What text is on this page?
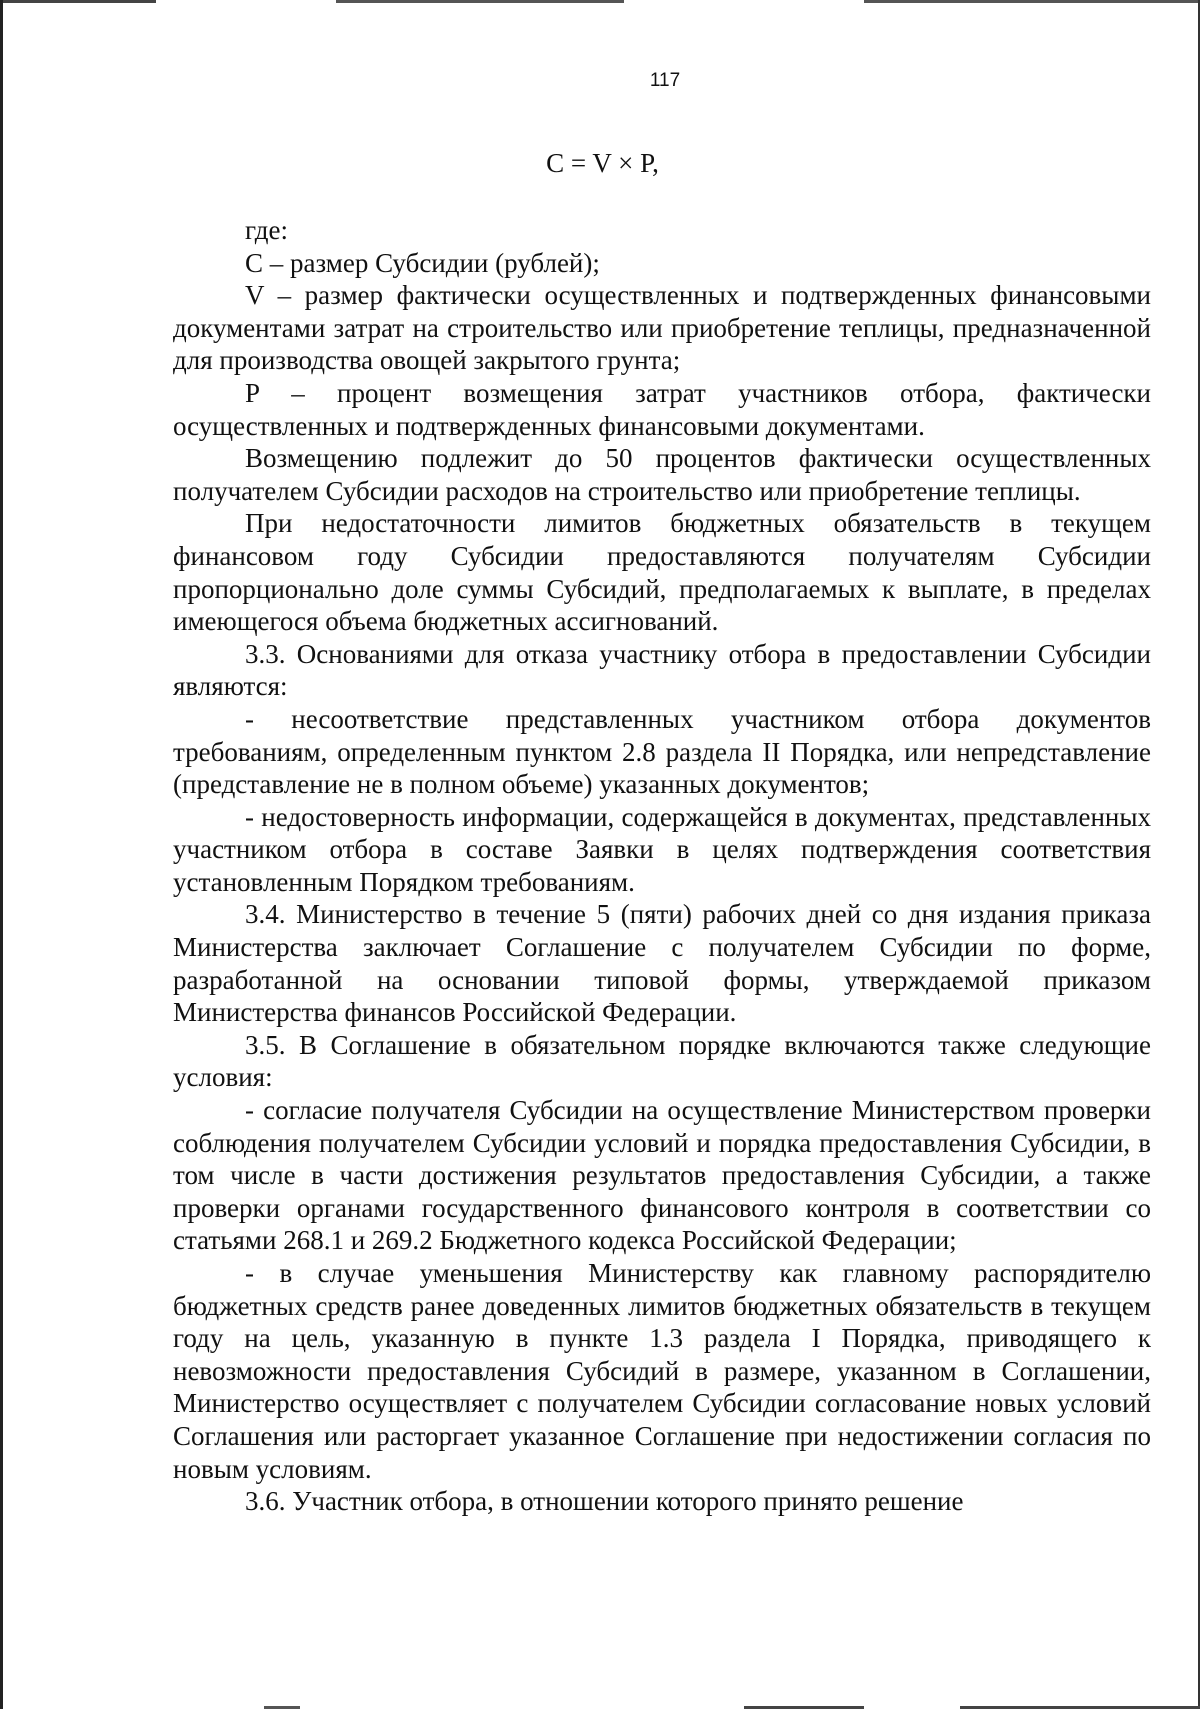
117
C = V × P,

где:

C – размер Субсидии (рублей);

V – размер фактически осуществленных и подтвержденных финансовыми документами затрат на строительство или приобретение теплицы, предназначенной для производства овощей закрытого грунта;

P – процент возмещения затрат участников отбора, фактически осуществленных и подтвержденных финансовыми документами.

Возмещению подлежит до 50 процентов фактически осуществленных получателем Субсидии расходов на строительство или приобретение теплицы.

При недостаточности лимитов бюджетных обязательств в текущем финансовом году Субсидии предоставляются получателям Субсидии пропорционально доле суммы Субсидий, предполагаемых к выплате, в пределах имеющегося объема бюджетных ассигнований.

3.3. Основаниями для отказа участнику отбора в предоставлении Субсидии являются:

- несоответствие представленных участником отбора документов требованиям, определенным пунктом 2.8 раздела II Порядка, или непредставление (представление не в полном объеме) указанных документов;

- недостоверность информации, содержащейся в документах, представленных участником отбора в составе Заявки в целях подтверждения соответствия установленным Порядком требованиям.

3.4. Министерство в течение 5 (пяти) рабочих дней со дня издания приказа Министерства заключает Соглашение с получателем Субсидии по форме, разработанной на основании типовой формы, утверждаемой приказом Министерства финансов Российской Федерации.

3.5. В Соглашение в обязательном порядке включаются также следующие условия:

- согласие получателя Субсидии на осуществление Министерством проверки соблюдения получателем Субсидии условий и порядка предоставления Субсидии, в том числе в части достижения результатов предоставления Субсидии, а также проверки органами государственного финансового контроля в соответствии со статьями 268.1 и 269.2 Бюджетного кодекса Российской Федерации;

- в случае уменьшения Министерству как главному распорядителю бюджетных средств ранее доведенных лимитов бюджетных обязательств в текущем году на цель, указанную в пункте 1.3 раздела I Порядка, приводящего к невозможности предоставления Субсидий в размере, указанном в Соглашении, Министерство осуществляет с получателем Субсидии согласование новых условий Соглашения или расторгает указанное Соглашение при недостижении согласия по новым условиям.

3.6. Участник отбора, в отношении которого принято решение
